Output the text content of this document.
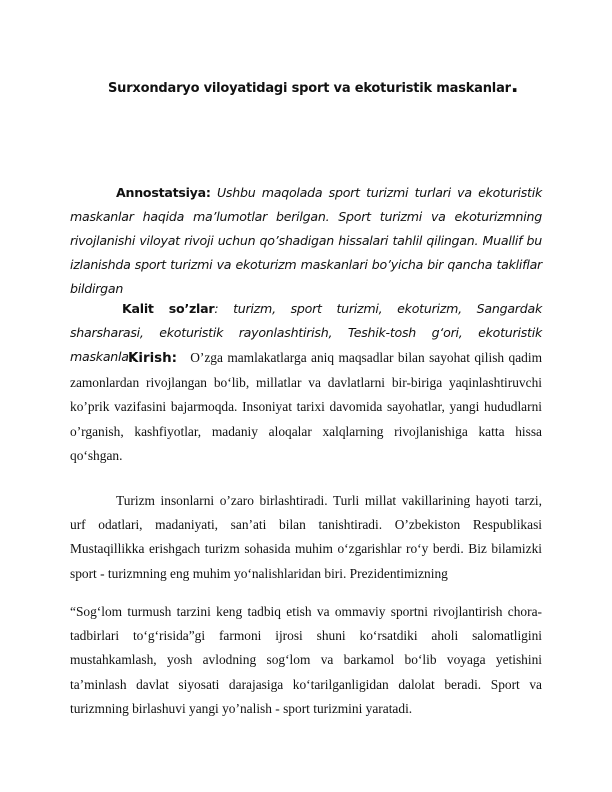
Surxondaryo viloyatidagi sport va ekoturistik maskanlar.
Annostatsiya: Ushbu maqolada sport turizmi turlari va ekoturistik maskanlar haqida ma’lumotlar berilgan. Sport turizmi va ekoturizmning rivojlanishi viloyat rivoji uchun qo’shadigan hissalari tahlil qilingan. Muallif bu izlanishda sport turizmi va ekoturizm maskanlari bo’yicha bir qancha takliflar bildirgan
Kalit so’zlar: turizm, sport turizmi, ekoturizm, Sangardak sharsharasi, ekoturistik rayonlashtirish, Teshik-tosh gʻori, ekoturistik maskanlar.
Kirish: O’zga mamlakatlarga aniq maqsadlar bilan sayohat qilish qadim zamonlardan rivojlangan bo‘lib, millatlar va davlatlarni bir-biriga yaqinlashtiruvchi ko’prik vazifasini bajarmoqda. Insoniyat tarixi davomida sayohatlar, yangi hududlarni o’rganish, kashfiyotlar, madaniy aloqalar xalqlarning rivojlanishiga katta hissa qo‘shgan.
Turizm insonlarni o’zaro birlashtiradi. Turli millat vakillarining hayoti tarzi, urf odatlari, madaniyati, san’ati bilan tanishtiradi. O’zbekiston Respublikasi Mustaqillikka erishgach turizm sohasida muhim o‘zgarishlar ro‘y berdi. Biz bilamizki sport - turizmning eng muhim yo‘nalishlaridan biri. Prezidentimizning
“Sog‘lom turmush tarzini keng tadbiq etish va ommaviy sportni rivojlantirish chora-tadbirlari to‘g‘risida”gi farmoni ijrosi shuni ko‘rsatdiki aholi salomatligini mustahkamlash, yosh avlodning sog‘lom va barkamol bo‘lib voyaga yetishini ta’minlash davlat siyosati darajasiga ko‘tarilganligidan dalolat beradi. Sport va turizmning birlashuvi yangi yo’nalish - sport turizmini yaratadi.
